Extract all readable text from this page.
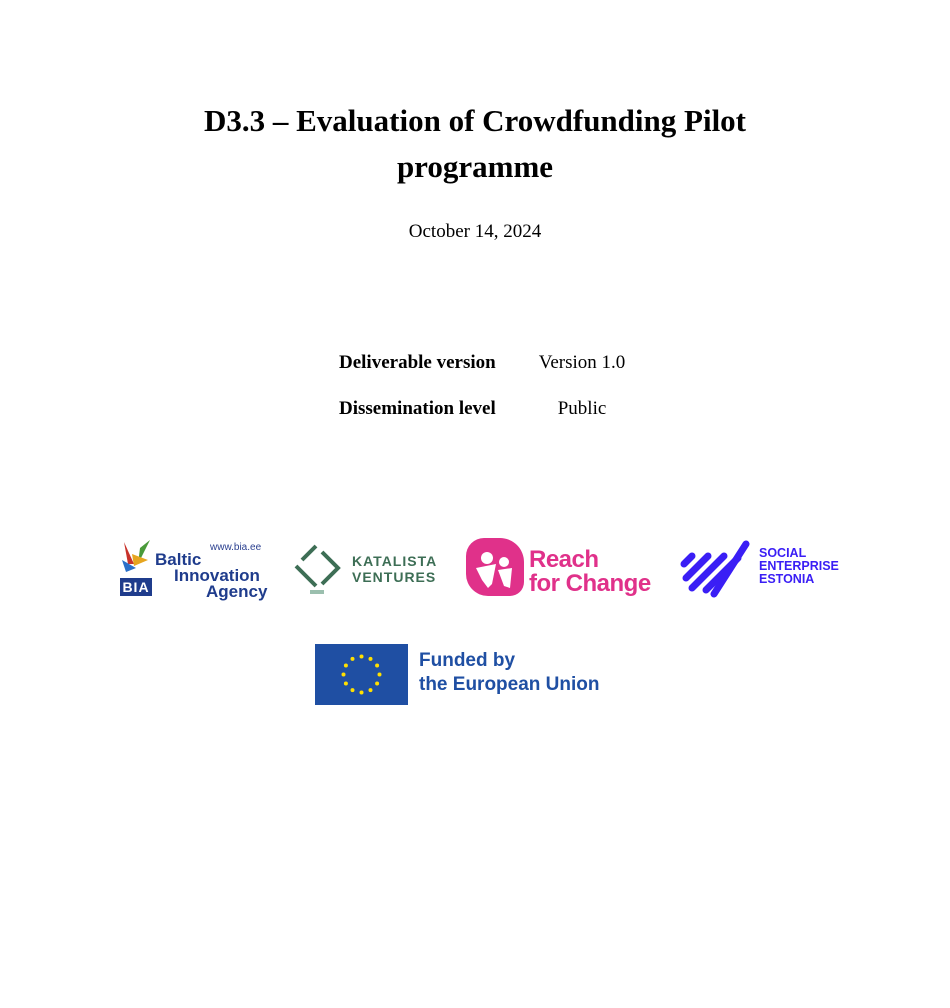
D3.3 – Evaluation of Crowdfunding Pilot
programme

October 14, 2024

Deliverable version	Version 1.0
Dissemination level	Public
www.bia.ee
Baltic
Innovation
Agency
BIA
KATALISTA
VENTURES
Reach
for Change
SOCIAL
ENTERPRISE
ESTONIA
Funded by
the European Union
